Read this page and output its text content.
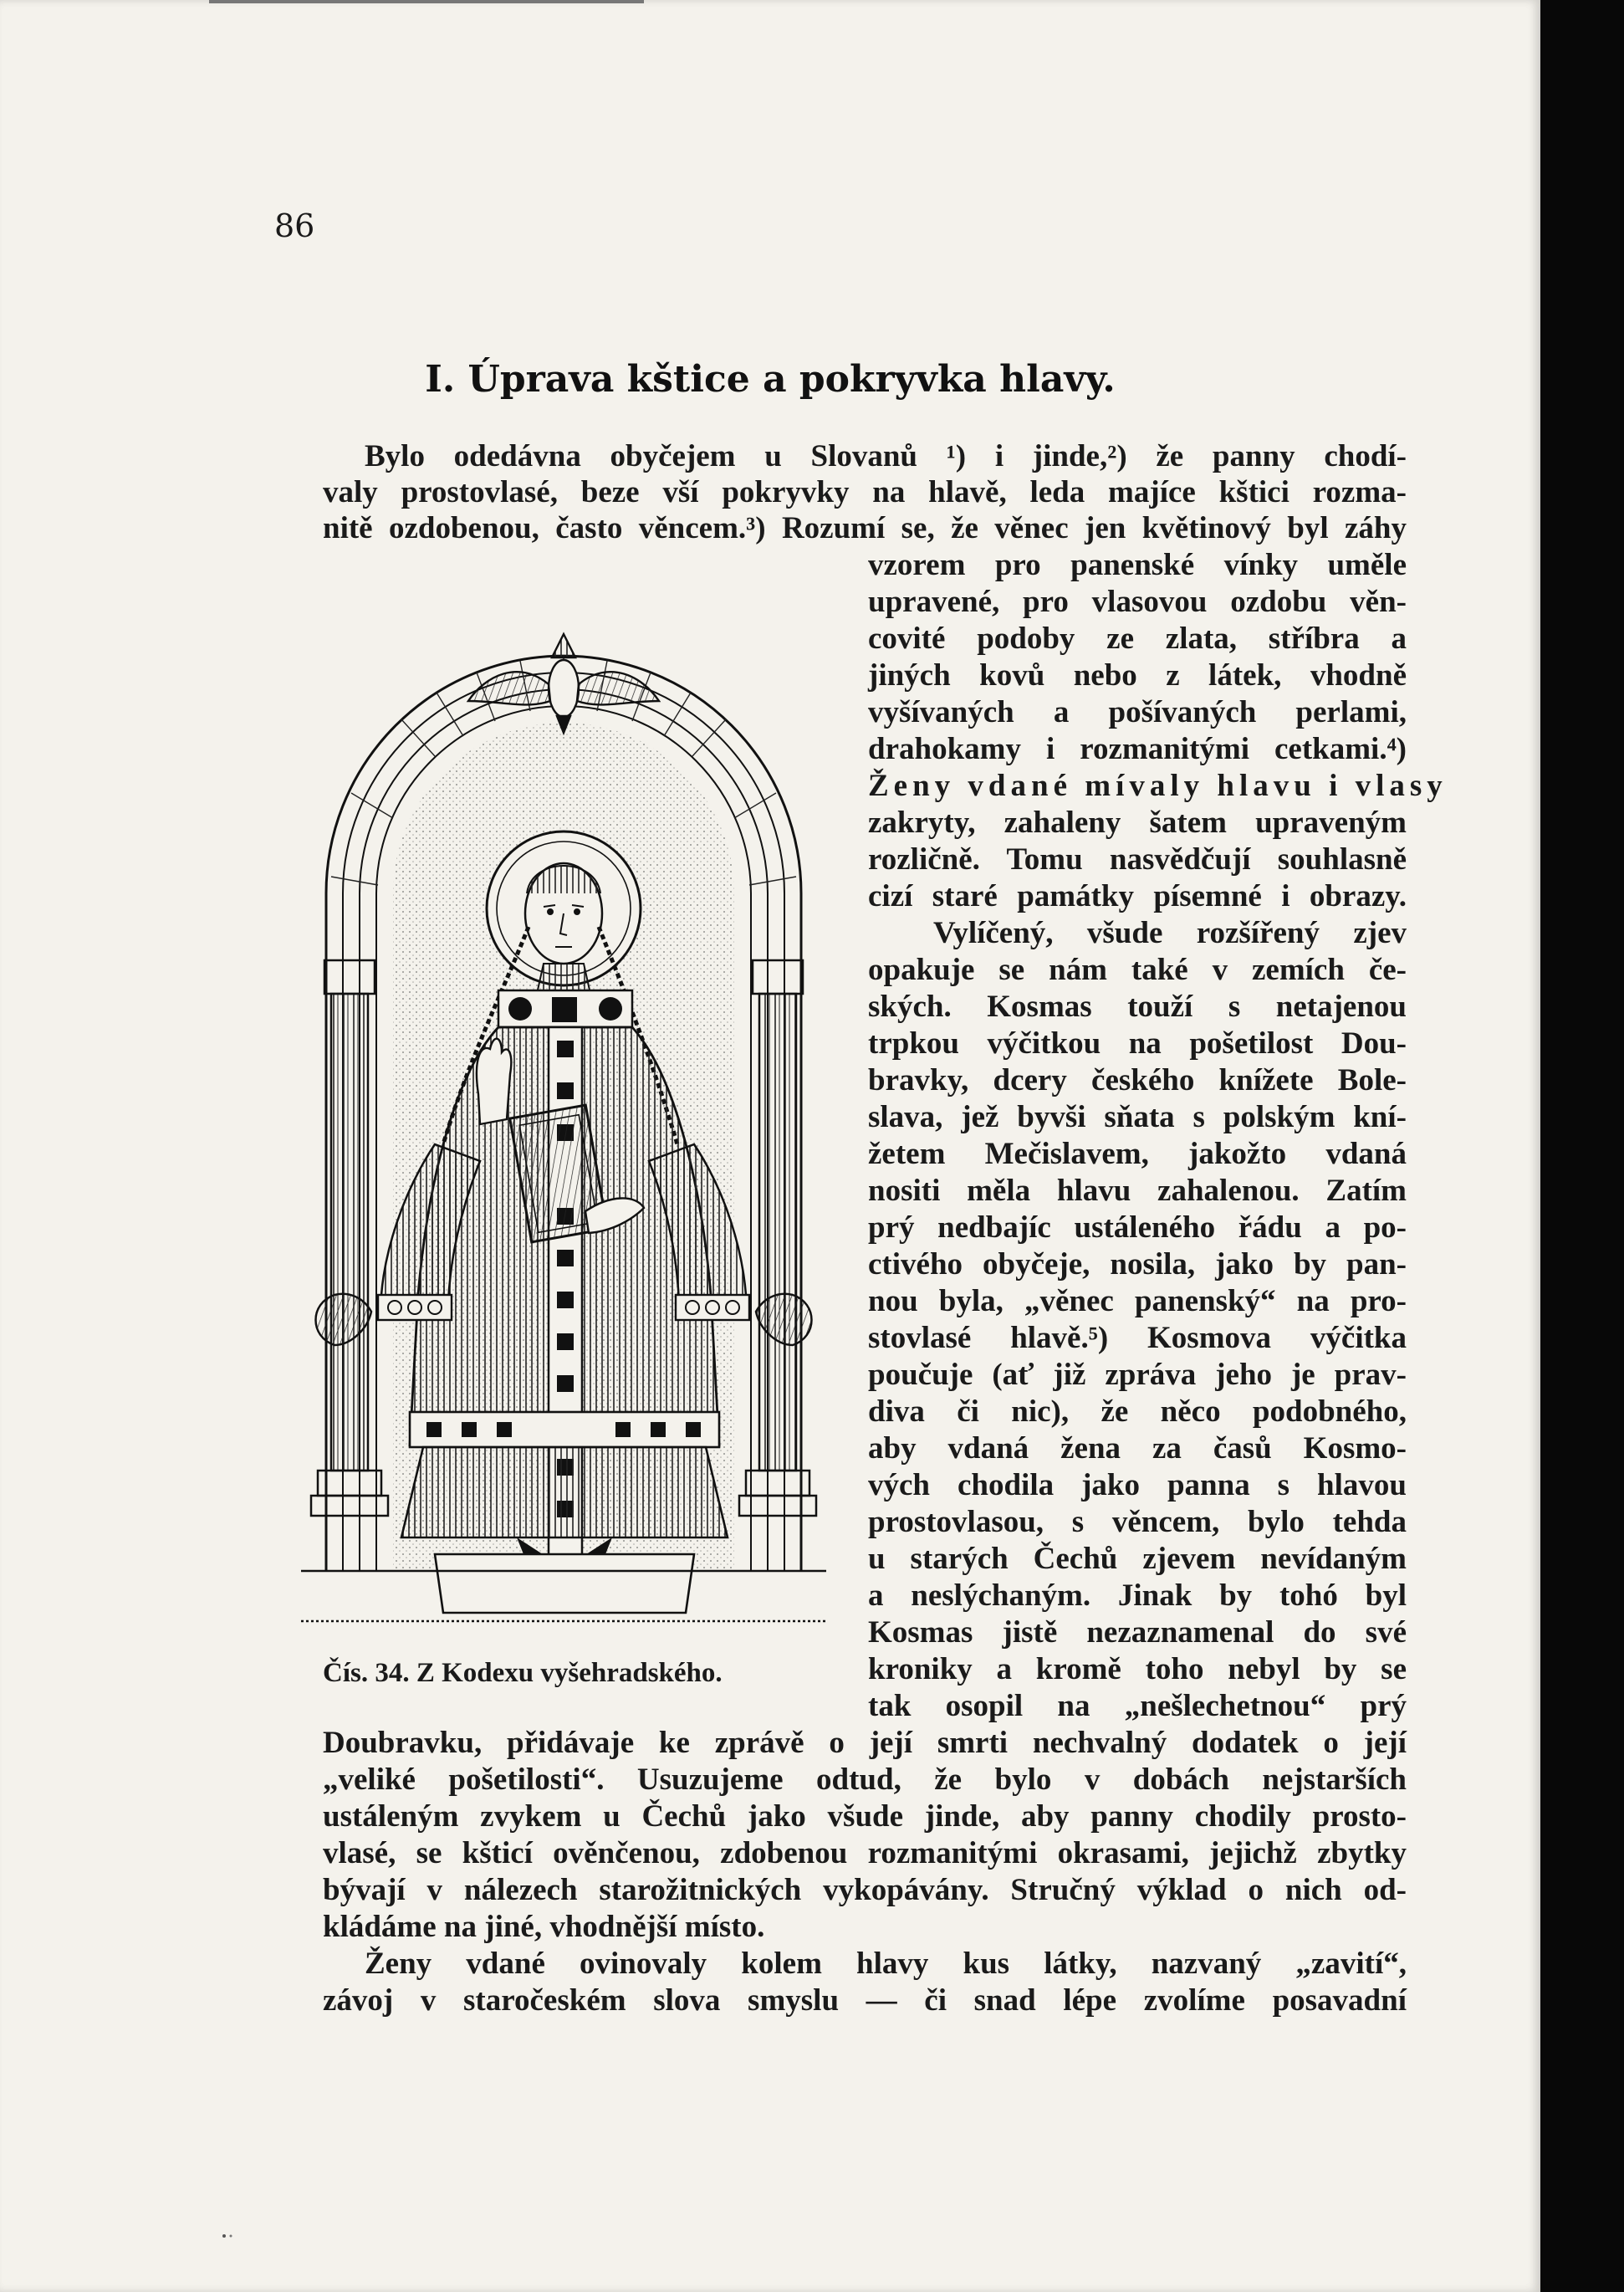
86
I. Úprava kštice a pokryvka hlavy.
Bylo odedávna obyčejem u Slovanů ¹) i jinde,²) že panny chodí-
valy prostovlasé, beze vší pokryvky na hlavě, leda majíce kštici rozma-
nitě ozdobenou, často věncem.³) Rozumí se, že věnec jen květinový byl záhy
vzorem pro panenské vínky uměle
upravené, pro vlasovou ozdobu věn-
covité podoby ze zlata, stříbra a
jiných kovů nebo z látek, vhodně
vyšívaných a pošívaných perlami,
drahokamy i rozmanitými cetkami.⁴)
Ženy vdané mívaly hlavu i vlasy
zakryty, zahaleny šatem upraveným
rozličně. Tomu nasvědčují souhlasně
cizí staré památky písemné i obrazy.
Vylíčený, všude rozšířený zjev
opakuje se nám také v zemích če-
ských. Kosmas touží s netajenou
trpkou výčitkou na pošetilost Dou-
bravky, dcery českého knížete Bole-
slava, jež byvši sňata s polským kní-
žetem Mečislavem, jakožto vdaná
nositi měla hlavu zahalenou. Zatím
prý nedbajíc ustáleného řádu a po-
ctivého obyčeje, nosila, jako by pan-
nou byla, „věnec panenský“ na pro-
stovlasé hlavě.⁵) Kosmova výčitka
poučuje (ať již zpráva jeho je prav-
diva či nic), že něco podobného,
aby vdaná žena za časů Kosmo-
vých chodila jako panna s hlavou
prostovlasou, s věncem, bylo tehda
u starých Čechů zjevem nevídaným
a neslýchaným. Jinak by tohó byl
Kosmas jistě nezaznamenal do své
kroniky a kromě toho nebyl by se
tak osopil na „nešlechetnou“ prý
Doubravku, přidávaje ke zprávě o její smrti nechvalný dodatek o její
„veliké pošetilosti“. Usuzujeme odtud, že bylo v dobách nejstarších
ustáleným zvykem u Čechů jako všude jinde, aby panny chodily prosto-
vlasé, se kšticí ověnčenou, zdobenou rozmanitými okrasami, jejichž zbytky
bývají v nálezech starožitnických vykopávány. Stručný výklad o nich od-
kládáme na jiné, vhodnější místo.
Ženy vdané ovinovaly kolem hlavy kus látky, nazvaný „zavití“,
závoj v staročeském slova smyslu — či snad lépe zvolíme posavadní
Čís. 34. Z Kodexu vyšehradského.
